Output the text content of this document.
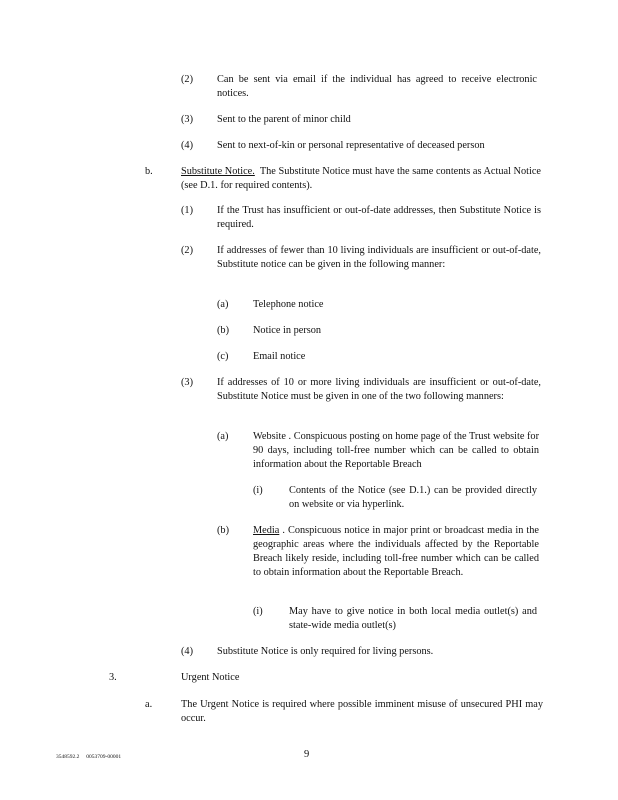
(2) Can be sent via email if the individual has agreed to receive electronic notices.
(3) Sent to the parent of minor child
(4) Sent to next-of-kin or personal representative of deceased person
b.	Substitute Notice. The Substitute Notice must have the same contents as Actual Notice (see D.1. for required contents).
(1) If the Trust has insufficient or out-of-date addresses, then Substitute Notice is required.
(2) If addresses of fewer than 10 living individuals are insufficient or out-of-date, Substitute notice can be given in the following manner:
(a) Telephone notice
(b) Notice in person
(c) Email notice
(3) If addresses of 10 or more living individuals are insufficient or out-of-date, Substitute Notice must be given in one of the two following manners:
(a) Website . Conspicuous posting on home page of the Trust website for 90 days, including toll-free number which can be called to obtain information about the Reportable Breach
(i)	Contents of the Notice (see D.1.) can be provided directly on website or via hyperlink.
(b) Media . Conspicuous notice in major print or broadcast media in the geographic areas where the individuals affected by the Reportable Breach likely reside, including toll-free number which can be called to obtain information about the Reportable Breach.
(i)	May have to give notice in both local media outlet(s) and state-wide media outlet(s)
(4) Substitute Notice is only required for living persons.
3.	Urgent Notice
a.	The Urgent Notice is required where possible imminent misuse of unsecured PHI may occur.
3548592.2     0053709-00001	9
